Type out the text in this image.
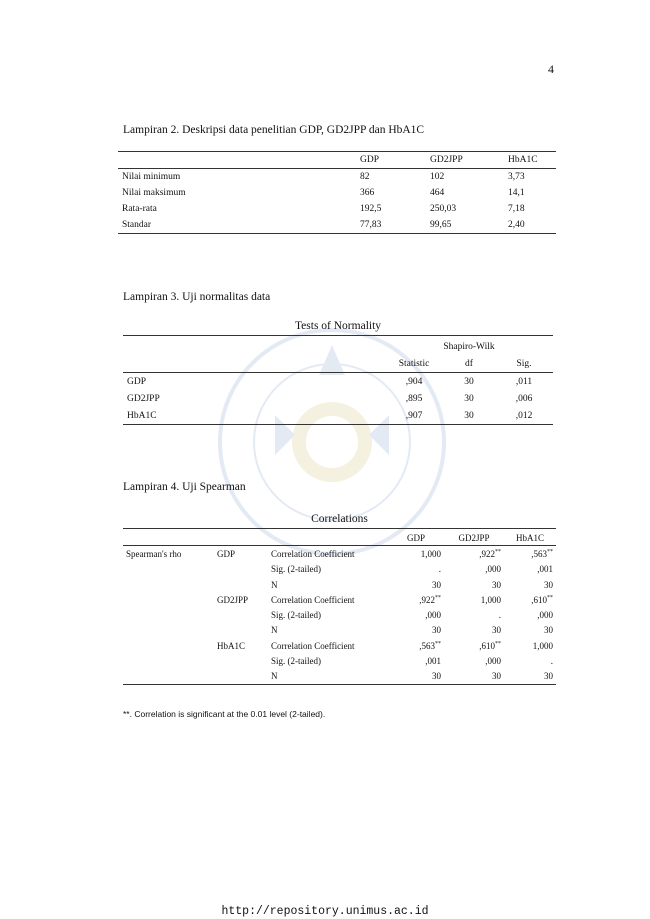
4
Lampiran 2. Deskripsi data penelitian GDP, GD2JPP dan HbA1C
	GDP	GD2JPP	HbA1C
Nilai minimum	82	102	3,73
Nilai maksimum	366	464	14,1
Rata-rata	192,5	250,03	7,18
Standar	77,83	99,65	2,40
Lampiran 3. Uji normalitas data
Tests of Normality
	Shapiro-Wilk		
	Statistic	df	Sig.
GDP	,904	30	,011
GD2JPP	,895	30	,006
HbA1C	,907	30	,012
Lampiran 4. Uji Spearman
Correlations
			GDP	GD2JPP	HbA1C
Spearman's rho	GDP	Correlation Coefficient	1,000	,922**	,563**
		Sig. (2-tailed)	.	,000	,001
		N	30	30	30
	GD2JPP	Correlation Coefficient	,922**	1,000	,610**
		Sig. (2-tailed)	,000	.	,000
		N	30	30	30
	HbA1C	Correlation Coefficient	,563**	,610**	1,000
		Sig. (2-tailed)	,001	,000	.
		N	30	30	30
**. Correlation is significant at the 0.01 level (2-tailed).
http://repository.unimus.ac.id
